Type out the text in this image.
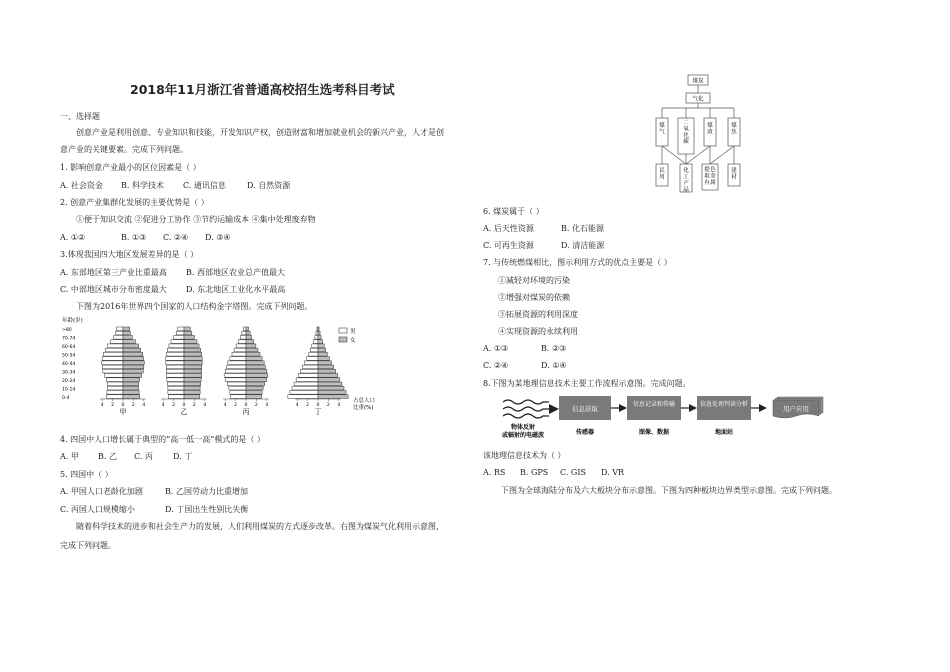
2018年11月浙江省普通高校招生选考科目考试
一、选择题
创意产业是利用创意、专业知识和技能，开发知识产权，创造财富和增加就业机会的新兴产业，人才是创
意产业的关键要素。完成下列问题。
1. 影响创意产业最小的区位因素是（ ）
A. 社会资金 B. 科学技术 C. 通讯信息	D. 自然资源
2. 创意产业集群化发展的主要优势是（ ）
①便于知识交流 ②促进分工协作 ③节约运输成本 ④集中处理废弃物
A. ①②	B. ①③ C. ②④ D. ③④
3.体现我国四大地区发展差异的是（ ）
A. 东部地区第三产业比重最高 B. 西部地区农业总产值最大
C. 中部地区城市分布密度最大 D. 东北地区工业化水平最高
下图为2016年世界四个国家的人口结构金字塔图。完成下列问题。
>80
70-74
60-64
50-54
40-44
30-34
20-24
10-14
0-4
4 2 0 2 4
甲
4 2 0 2 4
乙
4 2 0 2 4
丙
4 2 0 2 4
丁
男
女
年龄(岁)
占总人口
比重(%)
4. 四国中人口增长属于典型的“高一低一高”模式的是（ ）
A. 甲 B. 乙 C. 丙	D. 丁
5. 四国中（ ）
A. 甲国人口老龄化加剧	B. 乙国劳动力比重增加
C. 丙国人口规模缩小	D. 丁国出生性别比失衡
随着科学技术的进步和社会生产力的发展，人们利用煤炭的方式逐步改革。右图为煤炭气化利用示意图，
完成下列问题。
煤炭
气化
煤气
二氧化碳
煤渣
煤焦
民用
化工产品
提取有
色金属
建材
6. 煤炭属于（ ）
A. 后天性资源	B. 化石能源
C. 可再生资源	D. 清洁能源
7. 与传统燃煤相比，图示利用方式的优点主要是（ ）
①减轻对环境的污染
②增强对煤炭的依赖
③拓展资源的利用深度
④实现资源的永续利用
A. ①③	B. ②③
C. ②④	D. ①④
8.下图为某地理信息技术主要工作流程示意图。完成问题。
物体反射
或辐射的电磁波
信息获取
信息记录和传输	信息处理判读分析
用户应用
传感器	图像、数据	地面站
该地理信息技术为（ ）
A. RS B. GPS C. GIS D. VR
下图为全球海陆分布及六大板块分布示意图。下图为四种板块边界类型示意图。完成下列问题。
